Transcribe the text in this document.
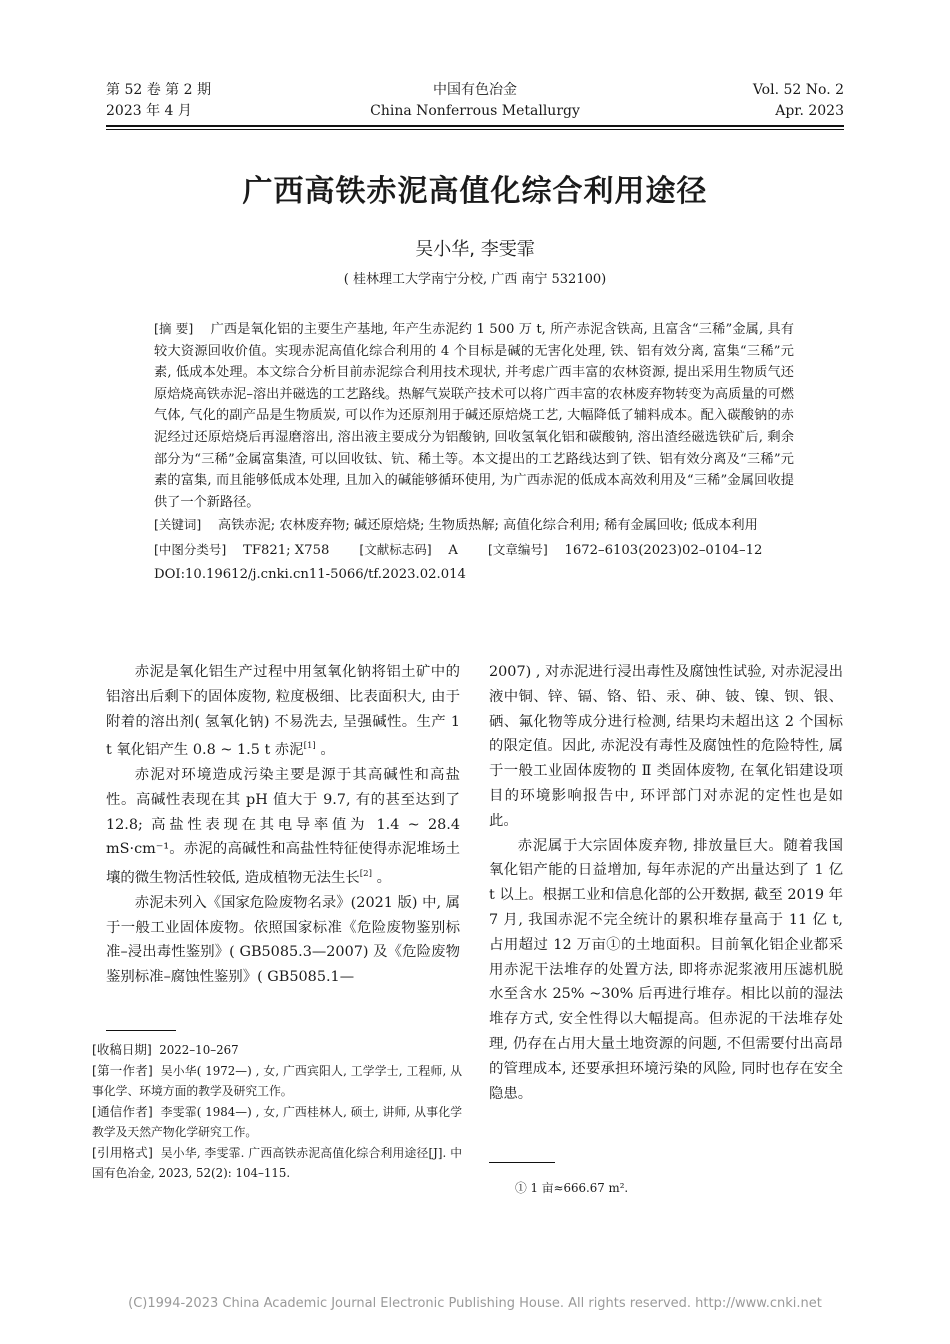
第 52 卷 第 2 期
2023 年 4 月
中国有色冶金
China Nonferrous Metallurgy
Vol. 52 No. 2
Apr. 2023
广西高铁赤泥高值化综合利用途径
吴小华, 李雯霏
( 桂林理工大学南宁分校, 广西 南宁 532100)

[摘 要] 广西是氧化铝的主要生产基地, 年产生赤泥约 1 500 万 t, 所产赤泥含铁高, 且富含“三稀”金属, 具有较大资源回收价值。实现赤泥高值化综合利用的 4 个目标是碱的无害化处理, 铁、铝有效分离, 富集“三稀”元素, 低成本处理。本文综合分析目前赤泥综合利用技术现状, 并考虑广西丰富的农林资源, 提出采用生物质气还原焙烧高铁赤泥–溶出并磁选的工艺路线。热解气炭联产技术可以将广西丰富的农林废弃物转变为高质量的可燃气体, 气化的副产品是生物质炭, 可以作为还原剂用于碱还原焙烧工艺, 大幅降低了辅料成本。配入碳酸钠的赤泥经过还原焙烧后再湿磨溶出, 溶出液主要成分为铝酸钠, 回收氢氧化铝和碳酸钠, 溶出渣经磁选铁矿后, 剩余部分为“三稀”金属富集渣, 可以回收钛、钪、稀土等。本文提出的工艺路线达到了铁、铝有效分离及“三稀”元素的富集, 而且能够低成本处理, 且加入的碱能够循环使用, 为广西赤泥的低成本高效利用及“三稀”金属回收提供了一个新路径。

[关键词] 高铁赤泥; 农林废弃物; 碱还原焙烧; 生物质热解; 高值化综合利用; 稀有金属回收; 低成本利用

[中图分类号] TF821; X758 [文献标志码] A [文章编号] 1672–6103(2023)02–0104–12

DOI:10.19612/j.cnki.cn11-5066/tf.2023.02.014

赤泥是氧化铝生产过程中用氢氧化钠将铝土矿中的铝溶出后剩下的固体废物, 粒度极细、比表面积大, 由于附着的溶出剂( 氢氧化钠) 不易洗去, 呈强碱性。生产 1 t 氧化铝产生 0.8 ~ 1.5 t 赤泥[1] 。

赤泥对环境造成污染主要是源于其高碱性和高盐性。高碱性表现在其 pH 值大于 9.7, 有的甚至达到了 12.8; 高盐性表现在其电导率值为 1.4 ~ 28.4 mS·cm⁻¹。赤泥的高碱性和高盐性特征使得赤泥堆场土壤的微生物活性较低, 造成植物无法生长[2] 。

赤泥未列入《国家危险废物名录》(2021 版) 中, 属于一般工业固体废物。依照国家标准《危险废物鉴别标准–浸出毒性鉴别》( GB5085.3—2007) 及《危险废物鉴别标准–腐蚀性鉴别》( GB5085.1—

2007) , 对赤泥进行浸出毒性及腐蚀性试验, 对赤泥浸出液中铜、锌、镉、铬、铅、汞、砷、铍、镍、钡、银、硒、氟化物等成分进行检测, 结果均未超出这 2 个国标的限定值。因此, 赤泥没有毒性及腐蚀性的危险特性, 属于一般工业固体废物的 Ⅱ 类固体废物, 在氧化铝建设项目的环境影响报告中, 环评部门对赤泥的定性也是如此。

赤泥属于大宗固体废弃物, 排放量巨大。随着我国氧化铝产能的日益增加, 每年赤泥的产出量达到了 1 亿 t 以上。根据工业和信息化部的公开数据, 截至 2019 年 7 月, 我国赤泥不完全统计的累积堆存量高于 11 亿 t, 占用超过 12 万亩①的土地面积。目前氧化铝企业都采用赤泥干法堆存的处置方法, 即将赤泥浆液用压滤机脱水至含水 25% ~30% 后再进行堆存。相比以前的湿法堆存方式, 安全性得以大幅提高。但赤泥的干法堆存处理, 仍存在占用大量土地资源的问题, 不但需要付出高昂的管理成本, 还要承担环境污染的风险, 同时也存在安全隐患。

[收稿日期] 2022–10–267

[第一作者] 吴小华( 1972—) , 女, 广西宾阳人, 工学学士, 工程师, 从事化学、环境方面的教学及研究工作。

[通信作者] 李雯霏( 1984—) , 女, 广西桂林人, 硕士, 讲师, 从事化学教学及天然产物化学研究工作。

[引用格式] 吴小华, 李雯霏. 广西高铁赤泥高值化综合利用途径[J]. 中国有色冶金, 2023, 52(2): 104–115.

① 1 亩≈666.67 m².
(C)1994-2023 China Academic Journal Electronic Publishing House. All rights reserved. http://www.cnki.net
